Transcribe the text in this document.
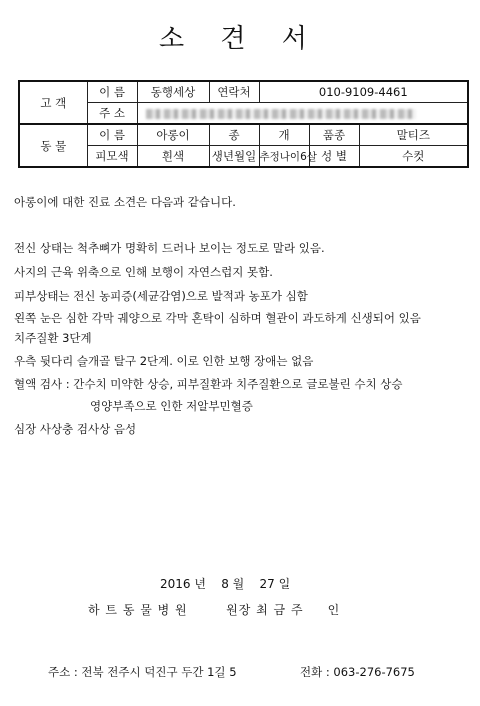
소 견 서
고 객	이 름	동행세상	연락처	010-9109-4461		
	주 소					
동 물	이 름	아롱이	종	개	품종	말티즈
	피모색	흰색	생년월일	추정나이6살	성 별	수컷
아롱이에 대한 진료 소견은 다음과 같습니다.
전신 상태는 척추뼈가 명확히 드러나 보이는 정도로 말라 있음.
사지의 근육 위축으로 인해 보행이 자연스럽지 못함.
피부상태는 전신 농피증(세균감염)으로 발적과 농포가 심함
왼쪽 눈은 심한 각막 궤양으로 각막 혼탁이 심하며 혈관이 과도하게 신생되어 있음
치주질환 3단계
우측 뒷다리 슬개골 탈구 2단계. 이로 인한 보행 장애는 없음
혈액 검사 : 간수치 미약한 상승, 피부질환과 치주질환으로 글로불린 수치 상승
영양부족으로 인한 저알부민혈증
심장 사상충 검사상 음성
2016 년    8 월    27 일
하 트 동 물 병 원        원장 최 금 주     인
주소 : 전북 전주시 덕진구 두간 1길 5	전화 : 063-276-7675
